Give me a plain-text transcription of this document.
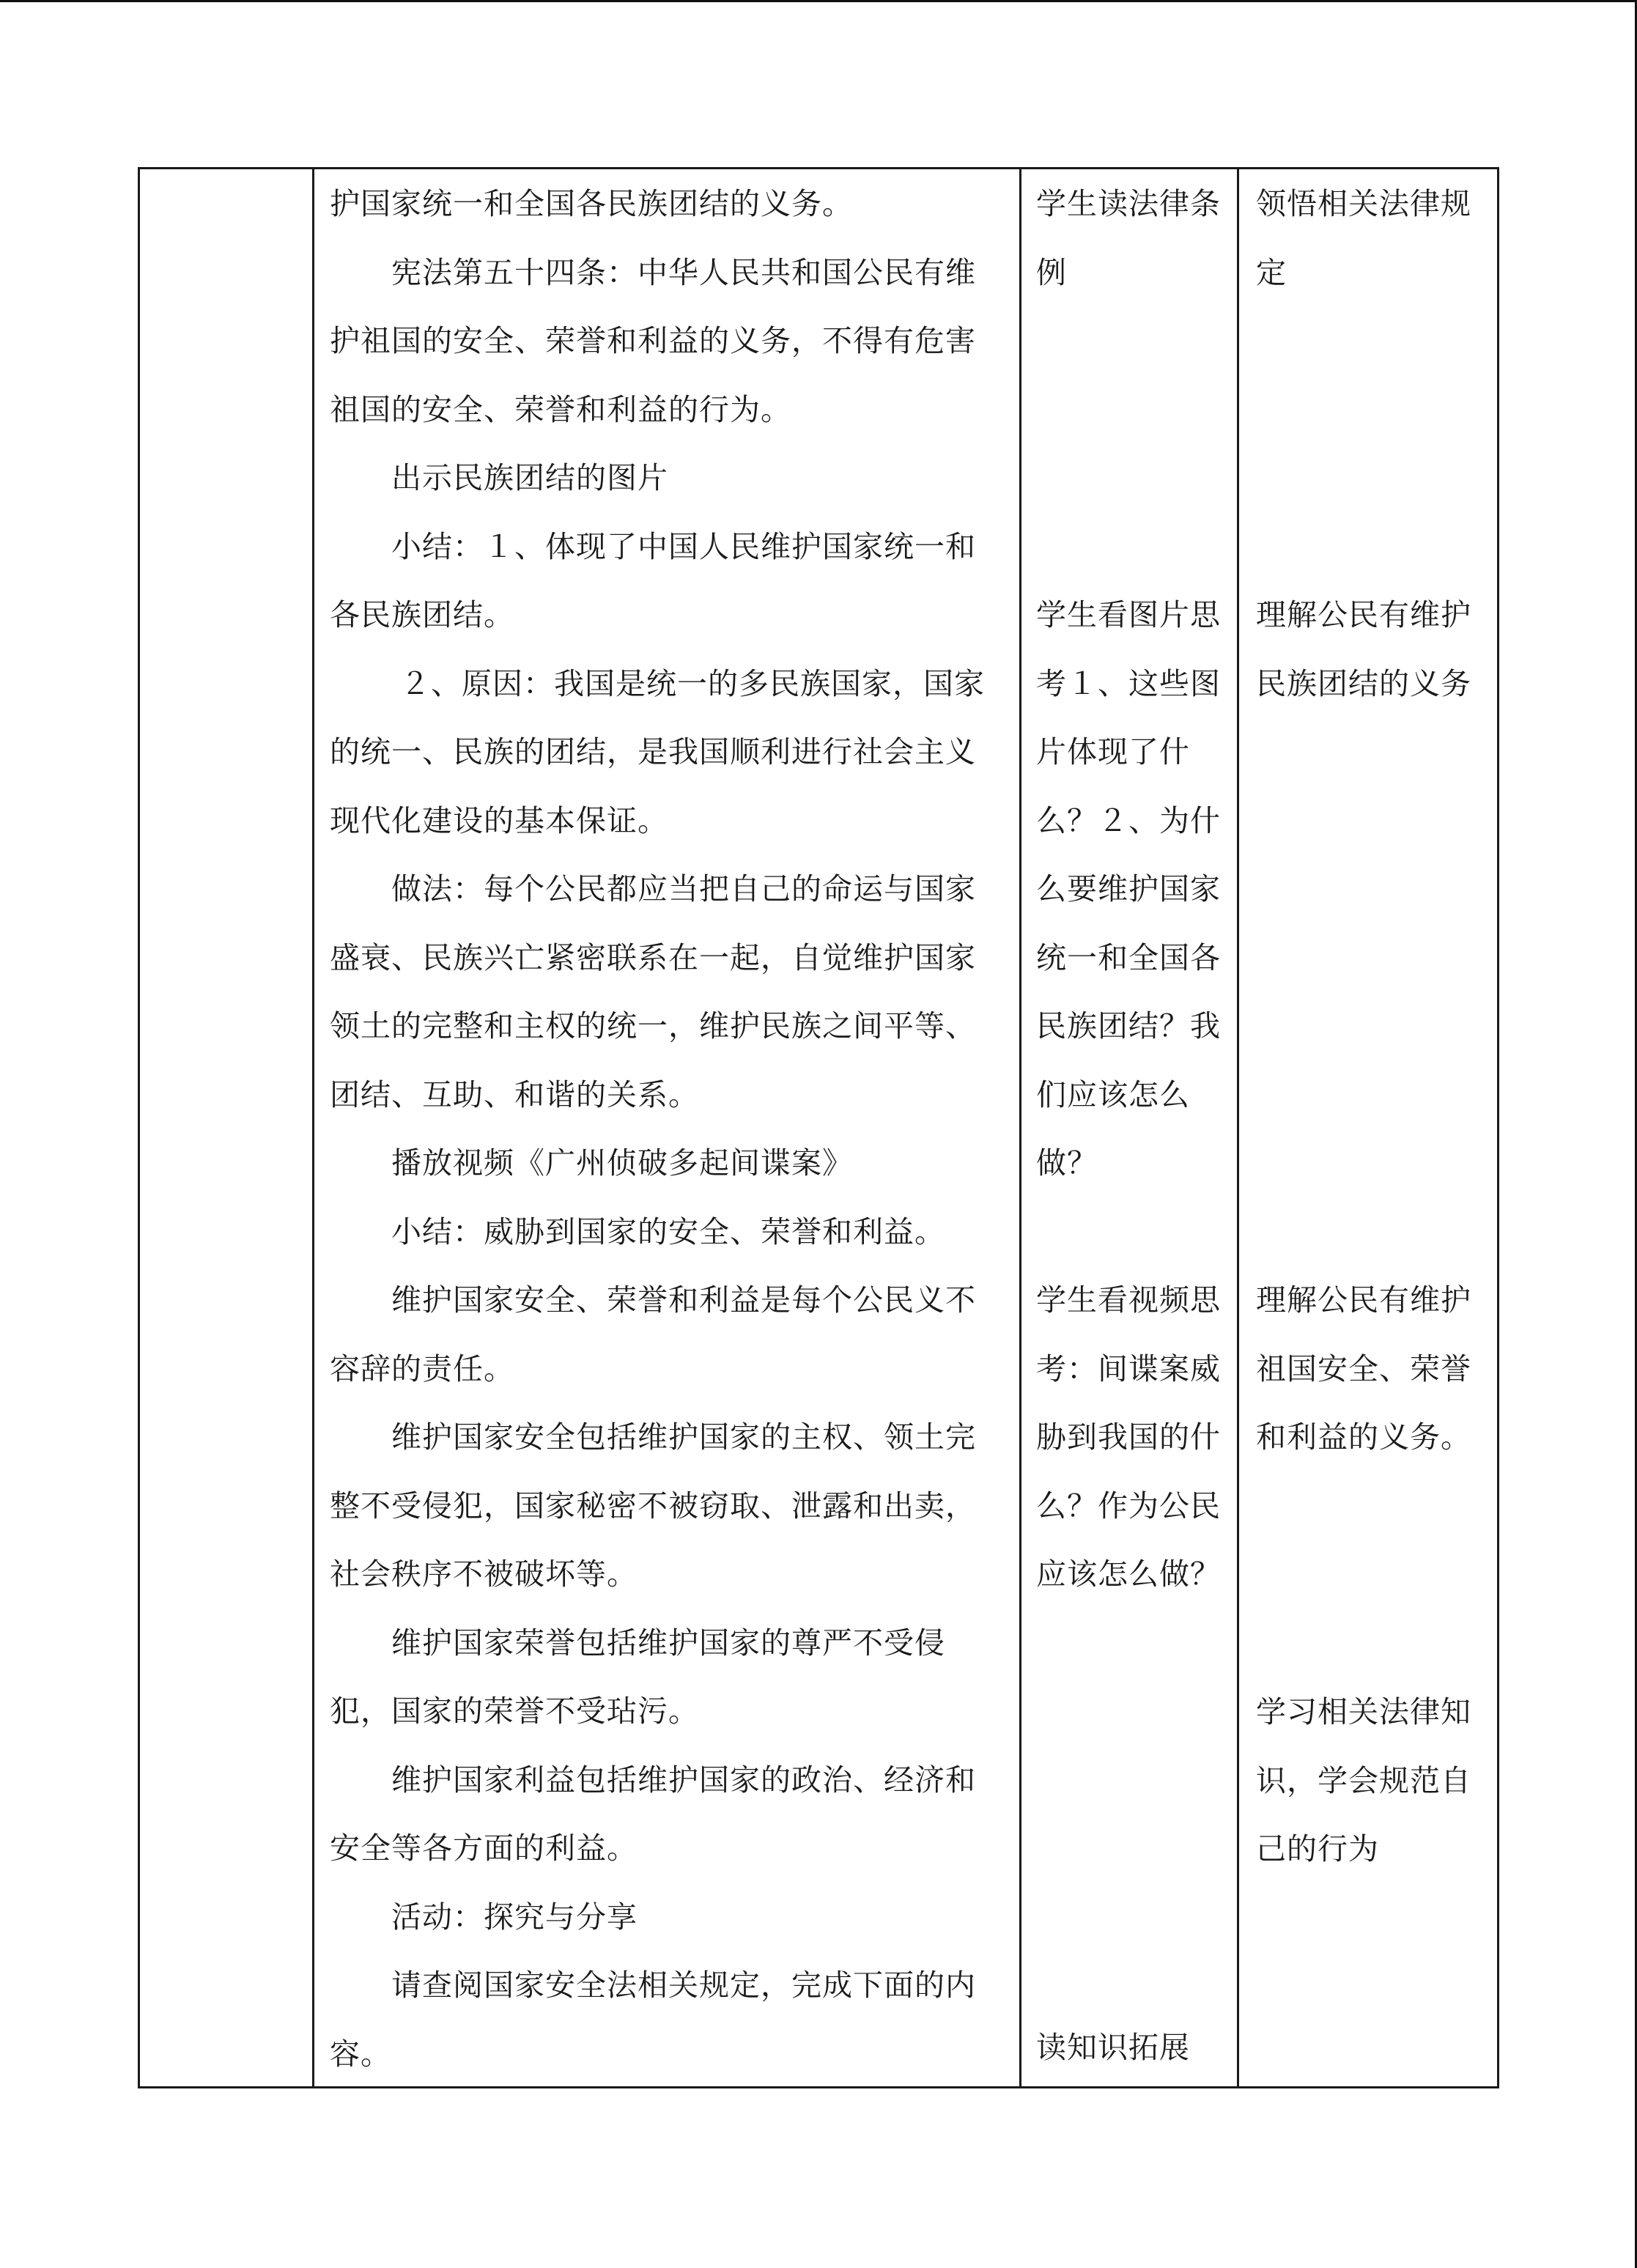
护国家统一和全国各民族团结的义务。
宪法第五十四条：中华人民共和国公民有维
护祖国的安全、荣誉和利益的义务，不得有危害
祖国的安全、荣誉和利益的行为。
出示民族团结的图片
小结：１、体现了中国人民维护国家统一和
各民族团结。
２、原因：我国是统一的多民族国家，国家
的统一、民族的团结，是我国顺利进行社会主义
现代化建设的基本保证。
做法：每个公民都应当把自己的命运与国家
盛衰、民族兴亡紧密联系在一起，自觉维护国家
领土的完整和主权的统一，维护民族之间平等、
团结、互助、和谐的关系。
播放视频《广州侦破多起间谍案》
小结：威胁到国家的安全、荣誉和利益。
维护国家安全、荣誉和利益是每个公民义不
容辞的责任。
维护国家安全包括维护国家的主权、领土完
整不受侵犯，国家秘密不被窃取、泄露和出卖，
社会秩序不被破坏等。
维护国家荣誉包括维护国家的尊严不受侵
犯，国家的荣誉不受玷污。
维护国家利益包括维护国家的政治、经济和
安全等各方面的利益。
活动：探究与分享
请查阅国家安全法相关规定，完成下面的内
容。
学生读法律条
例
学生看图片思
考１、这些图
片体现了什
么？２、为什
么要维护国家
统一和全国各
民族团结？我
们应该怎么
做？
学生看视频思
考：间谍案威
胁到我国的什
么？作为公民
应该怎么做？
读知识拓展
领悟相关法律规
定
理解公民有维护
民族团结的义务
理解公民有维护
祖国安全、荣誉
和利益的义务。
学习相关法律知
识，学会规范自
己的行为
